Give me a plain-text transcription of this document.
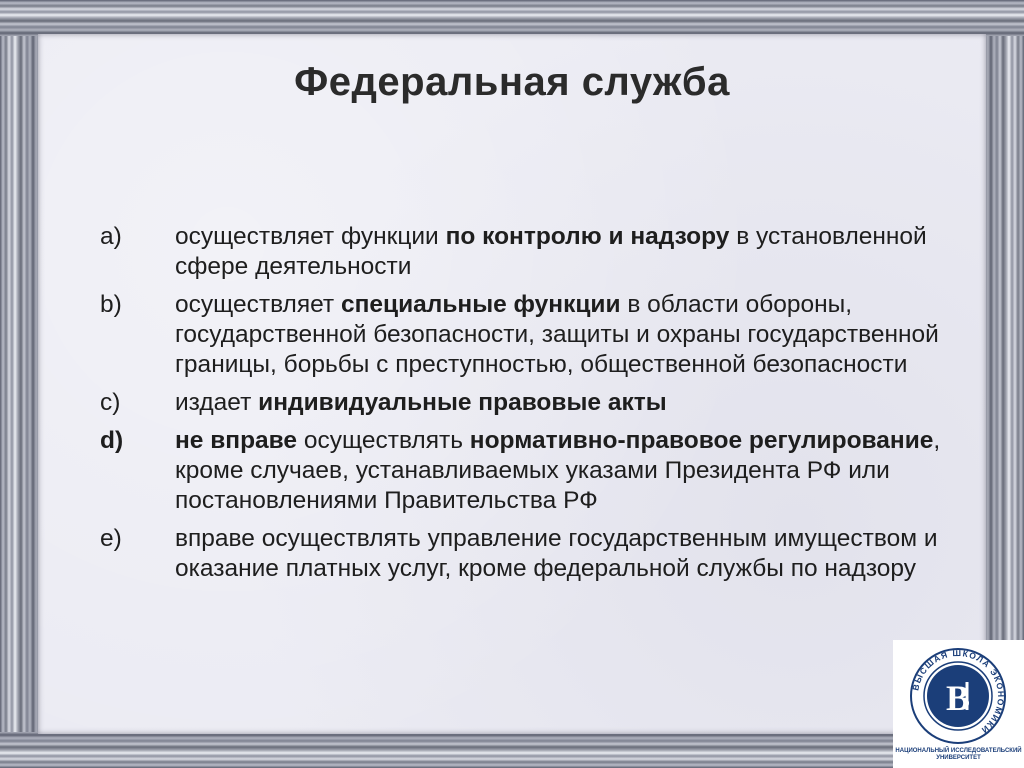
Федеральная служба
a)	осуществляет функции по контролю и надзору в установленной сфере деятельности
b)	осуществляет специальные функции в области обороны, государственной безопасности, защиты и охраны государственной границы, борьбы с преступностью, общественной безопасности
c)	издает индивидуальные правовые акты
d)	не вправе осуществлять нормативно-правовое регулирование, кроме случаев, устанавливаемых указами Президента РФ или постановлениями Правительства РФ
e)	вправе осуществлять управление государственным имуществом и оказание платных услуг, кроме федеральной службы по надзору
ВЫСШАЯ ШКОЛА ЭКОНОМИКИ
В
НАЦИОНАЛЬНЫЙ ИССЛЕДОВАТЕЛЬСКИЙ
УНИВЕРСИТЕТ
